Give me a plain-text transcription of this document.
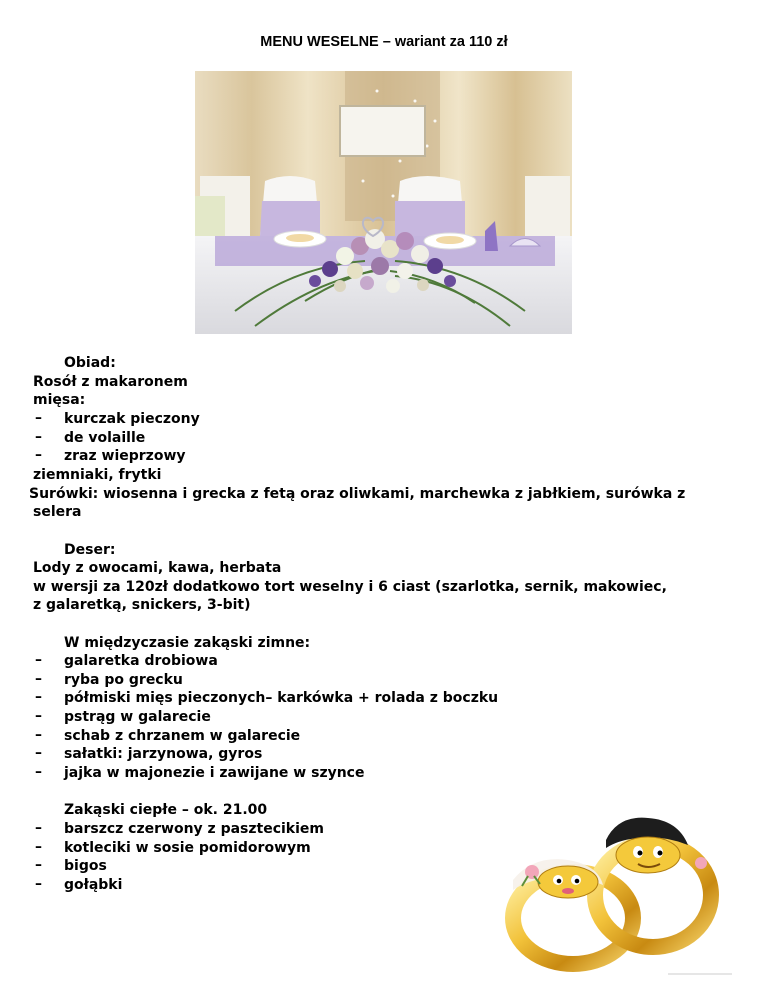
MENU WESELNE – wariant za 110 zł
Obiad:
Rosół z makaronem
mięsa:
– kurczak pieczony
– de volaille
– zraz wieprzowy
ziemniaki, frytki
Surówki: wiosenna i grecka z fetą oraz oliwkami, marchewka z jabłkiem, surówka z
selera
Deser:
Lody z owocami, kawa, herbata
w wersji za 120zł dodatkowo tort weselny i 6 ciast (szarlotka, sernik, makowiec,
z galaretką, snickers, 3-bit)
W międzyczasie zakąski zimne:
– galaretka drobiowa
– ryba po grecku
– półmiski mięs pieczonych– karkówka + rolada z boczku
– pstrąg w galarecie
– schab z chrzanem w galarecie
– sałatki: jarzynowa, gyros
– jajka w majonezie i zawijane w szynce
Zakąski ciepłe – ok. 21.00
– barszcz czerwony z pasztecikiem
– kotleciki w sosie pomidorowym
– bigos
– gołąbki
